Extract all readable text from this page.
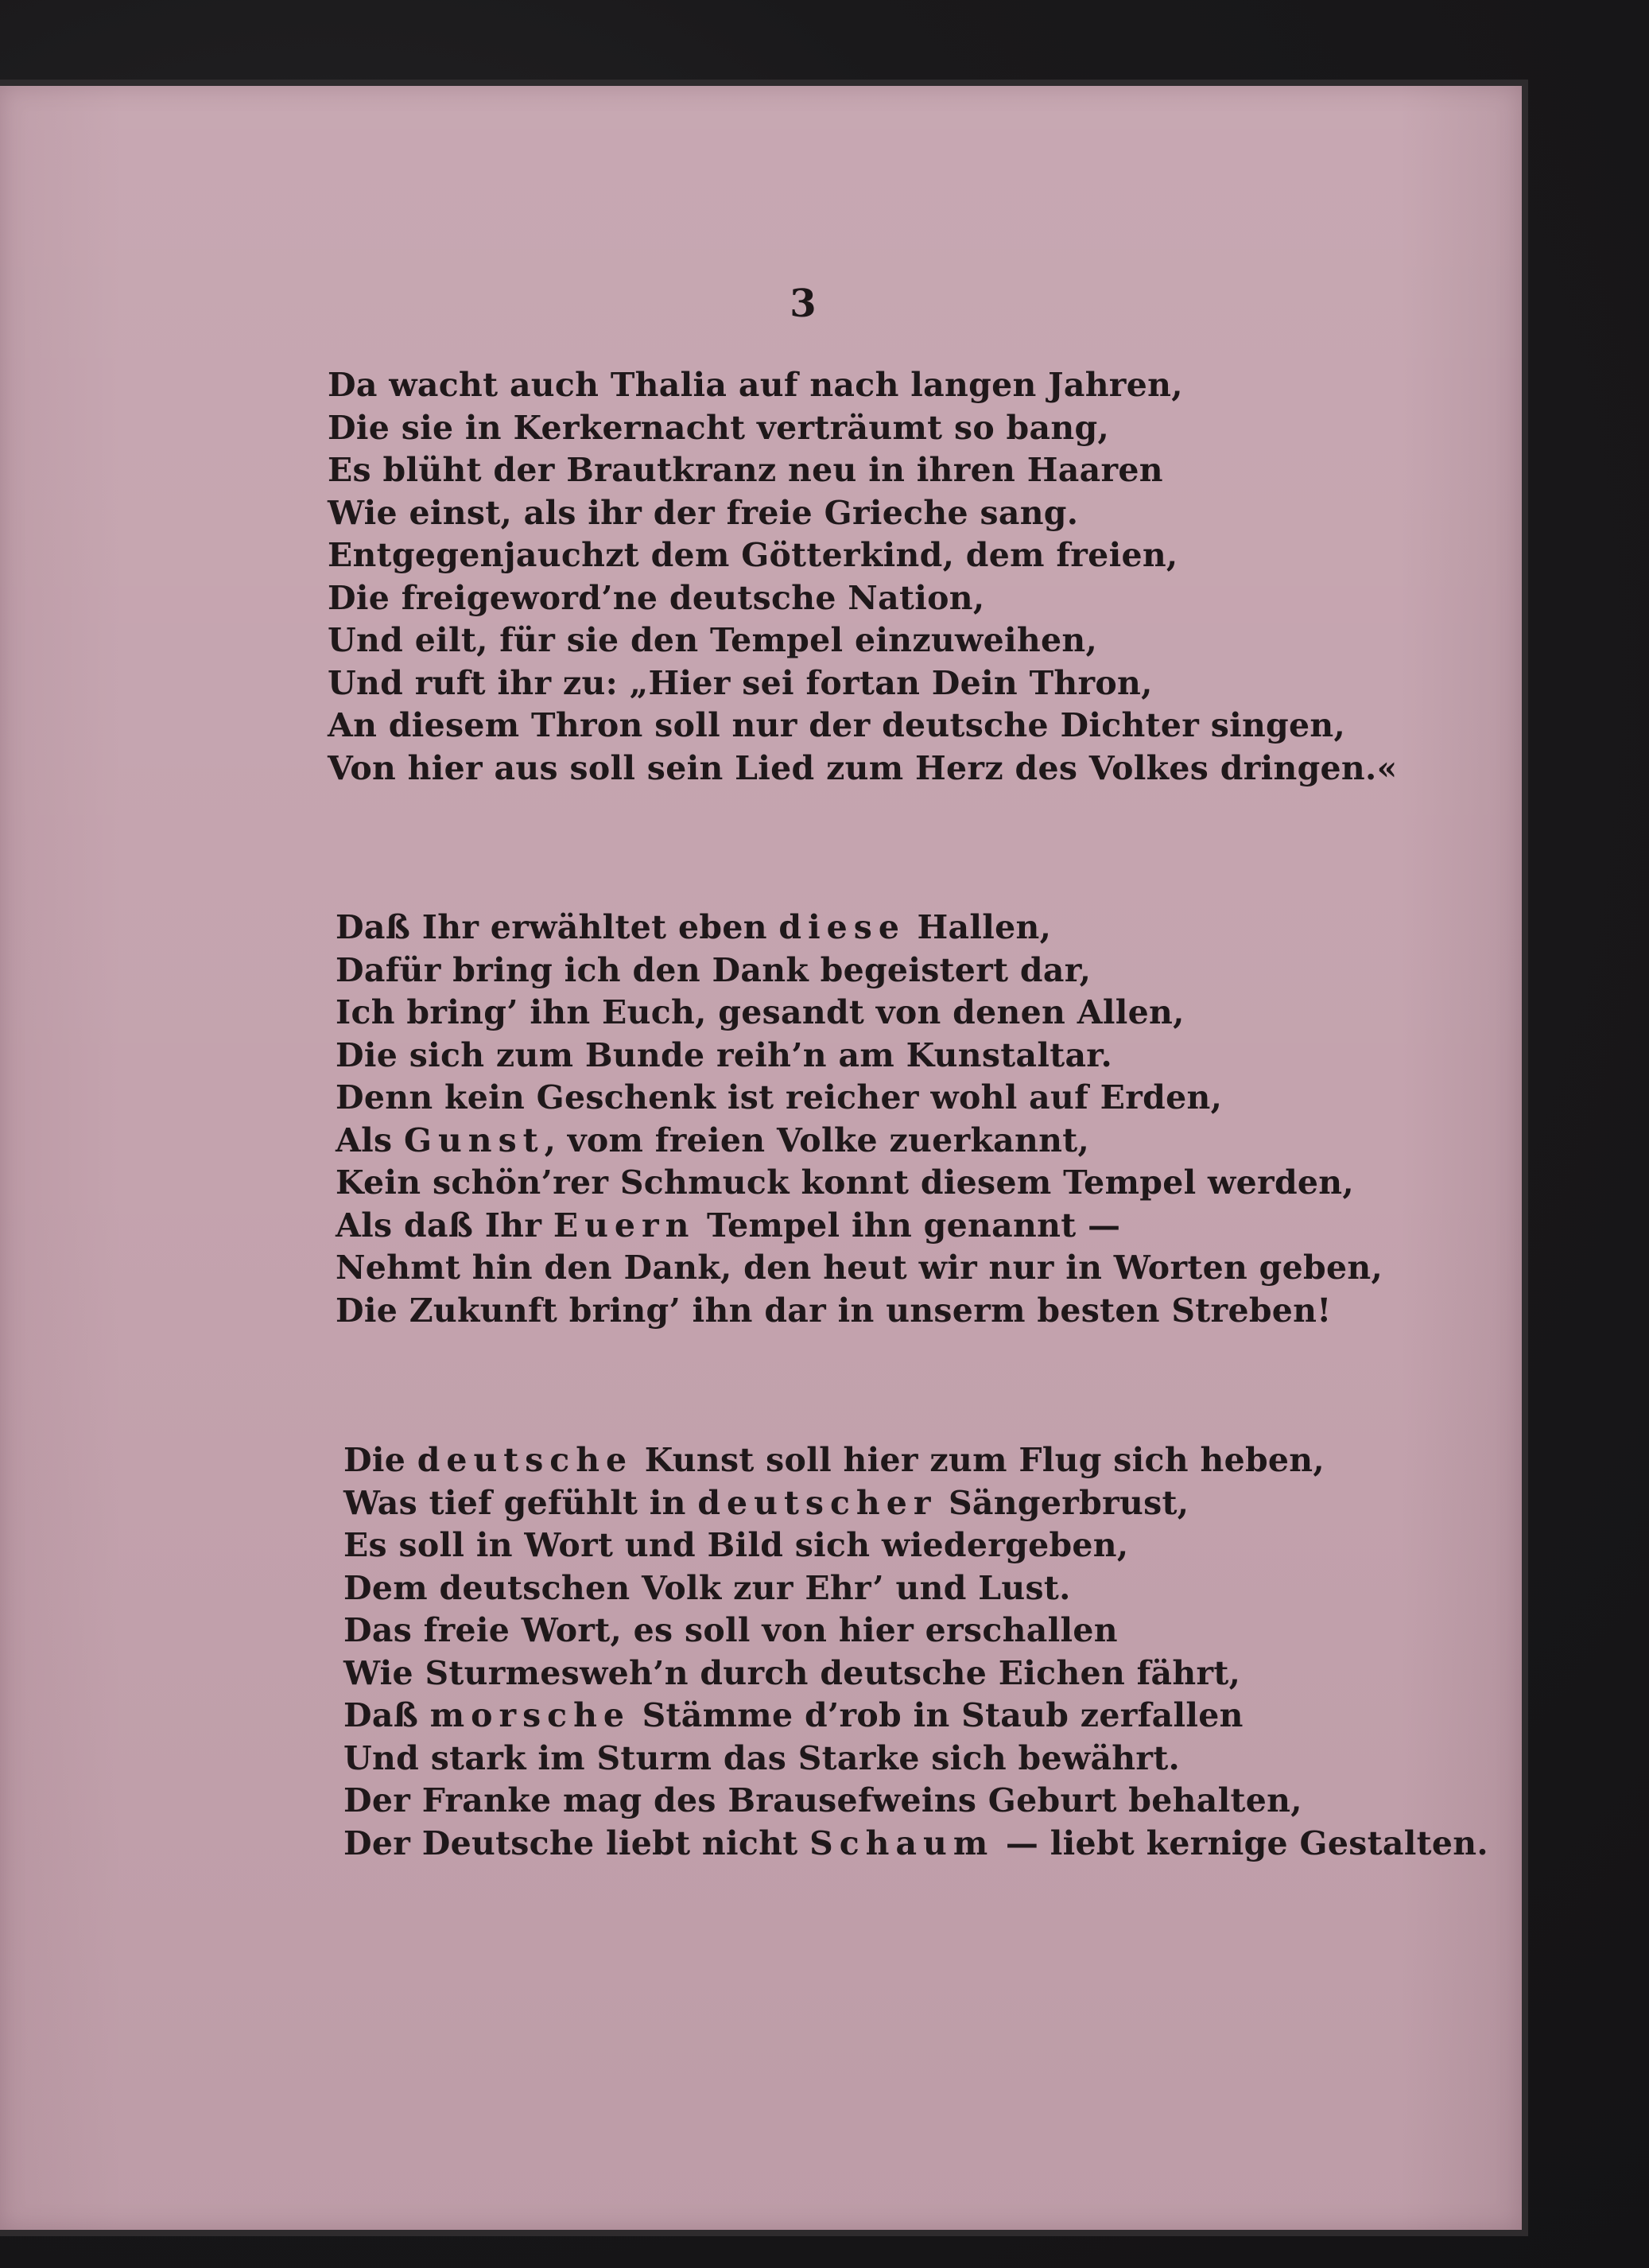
3
Da wacht auch Thalia auf nach langen Jahren,
Die sie in Kerkernacht verträumt so bang,
Es blüht der Brautkranz neu in ihren Haaren
Wie einst, als ihr der freie Grieche sang.
Entgegenjauchzt dem Götterkind, dem freien,
Die freigeword’ne deutsche Nation,
Und eilt, für sie den Tempel einzuweihen,
Und ruft ihr zu: „Hier sei fortan Dein Thron,
An diesem Thron soll nur der deutsche Dichter singen,
Von hier aus soll sein Lied zum Herz des Volkes dringen.«
Daß Ihr erwähltet eben diese Hallen,
Dafür bring ich den Dank begeistert dar,
Ich bring’ ihn Euch, gesandt von denen Allen,
Die sich zum Bunde reih’n am Kunstaltar.
Denn kein Geschenk ist reicher wohl auf Erden,
Als Gunst, vom freien Volke zuerkannt,
Kein schön’rer Schmuck konnt diesem Tempel werden,
Als daß Ihr Euern Tempel ihn genannt —
Nehmt hin den Dank, den heut wir nur in Worten geben,
Die Zukunft bring’ ihn dar in unserm besten Streben!
Die deutsche Kunst soll hier zum Flug sich heben,
Was tief gefühlt in deutscher Sängerbrust,
Es soll in Wort und Bild sich wiedergeben,
Dem deutschen Volk zur Ehr’ und Lust.
Das freie Wort, es soll von hier erschallen
Wie Sturmesweh’n durch deutsche Eichen fährt,
Daß morsche Stämme d’rob in Staub zerfallen
Und stark im Sturm das Starke sich bewährt.
Der Franke mag des Brausefweins Geburt behalten,
Der Deutsche liebt nicht Schaum — liebt kernige Gestalten.
